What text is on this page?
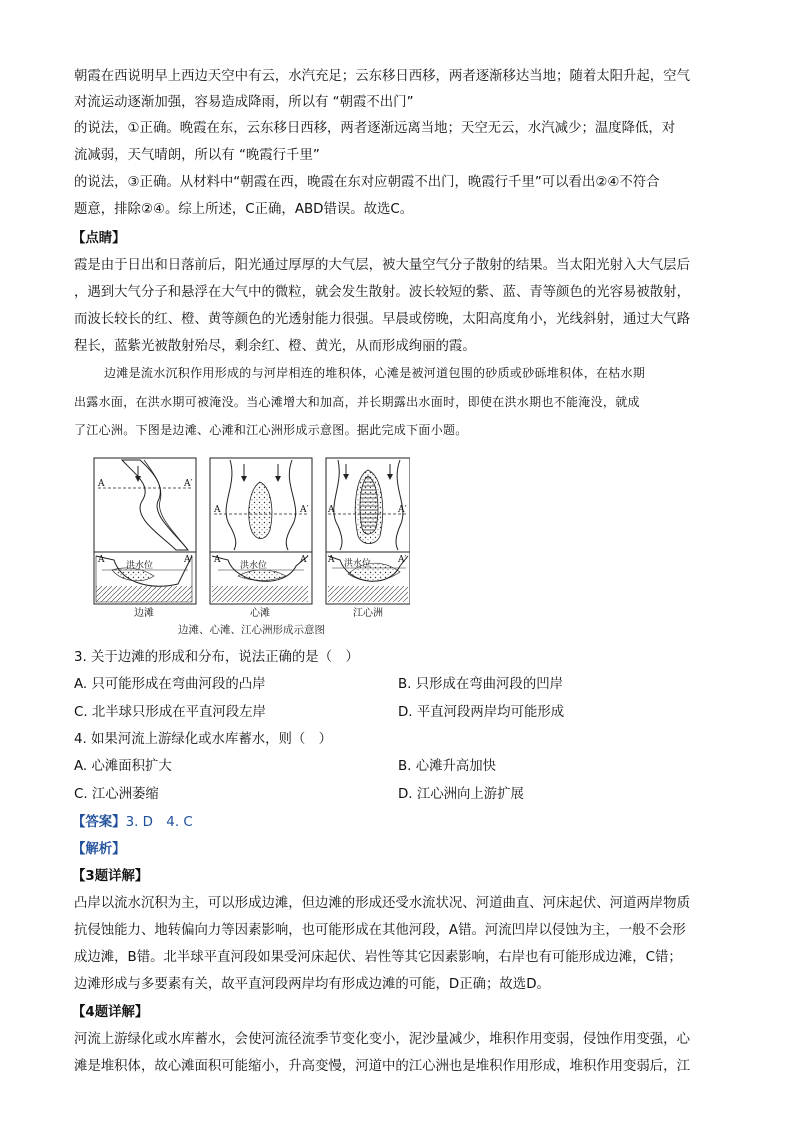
朝霞在西说明早上西边天空中有云，水汽充足；云东移日西移，两者逐渐移达当地；随着太阳升起，空气
对流运动逐渐加强，容易造成降雨，所以有 “朝霞不出门”
的说法，①正确。晚霞在东，云东移日西移，两者逐渐远离当地；天空无云，水汽减少；温度降低，对
流减弱，天气晴朗，所以有 “晚霞行千里”
的说法，③正确。从材料中“朝霞在西，晚霞在东对应朝霞不出门，晚霞行千里”可以看出②④不符合
题意，排除②④。综上所述，C正确，ABD错误。故选C。
【点睛】
霞是由于日出和日落前后，阳光通过厚厚的大气层，被大量空气分子散射的结果。当太阳光射入大气层后
，遇到大气分子和悬浮在大气中的微粒，就会发生散射。波长较短的紫、蓝、青等颜色的光容易被散射，
而波长较长的红、橙、黄等颜色的光透射能力很强。早晨或傍晚，太阳高度角小，光线斜射，通过大气路
程长，蓝紫光被散射殆尽，剩余红、橙、黄光，从而形成绚丽的霞。
边滩是流水沉积作用形成的与河岸相连的堆积体，心滩是被河道包围的砂质或砂砾堆积体，在枯水期
出露水面，在洪水期可被淹没。当心滩增大和加高，并长期露出水面时，即使在洪水期也不能淹没，就成
了江心洲。下图是边滩、心滩和江心洲形成示意图。据此完成下面小题。
A	A′
A	A′
A	A′
A	A′
A	A′
A	A′
洪水位	洪水位	洪水位
边滩	心滩	江心洲
边滩、心滩、江心洲形成示意图
3. 关于边滩的形成和分布，说法正确的是（　）
A. 只可能形成在弯曲河段的凸岸	B. 只形成在弯曲河段的凹岸
C. 北半球只形成在平直河段左岸	D. 平直河段两岸均可能形成
4. 如果河流上游绿化或水库蓄水，则（　）
A. 心滩面积扩大	B. 心滩升高加快
C. 江心洲萎缩	D. 江心洲向上游扩展
【答案】3. D　4. C
【解析】
【3题详解】
凸岸以流水沉积为主，可以形成边滩，但边滩的形成还受水流状况、河道曲直、河床起伏、河道两岸物质
抗侵蚀能力、地转偏向力等因素影响，也可能形成在其他河段，A错。河流凹岸以侵蚀为主，一般不会形
成边滩，B错。北半球平直河段如果受河床起伏、岩性等其它因素影响，右岸也有可能形成边滩，C错；
边滩形成与多要素有关，故平直河段两岸均有形成边滩的可能，D正确；故选D。
【4题详解】
河流上游绿化或水库蓄水，会使河流径流季节变化变小，泥沙量减少，堆积作用变弱，侵蚀作用变强，心
滩是堆积体，故心滩面积可能缩小，升高变慢，河道中的江心洲也是堆积作用形成，堆积作用变弱后，江
